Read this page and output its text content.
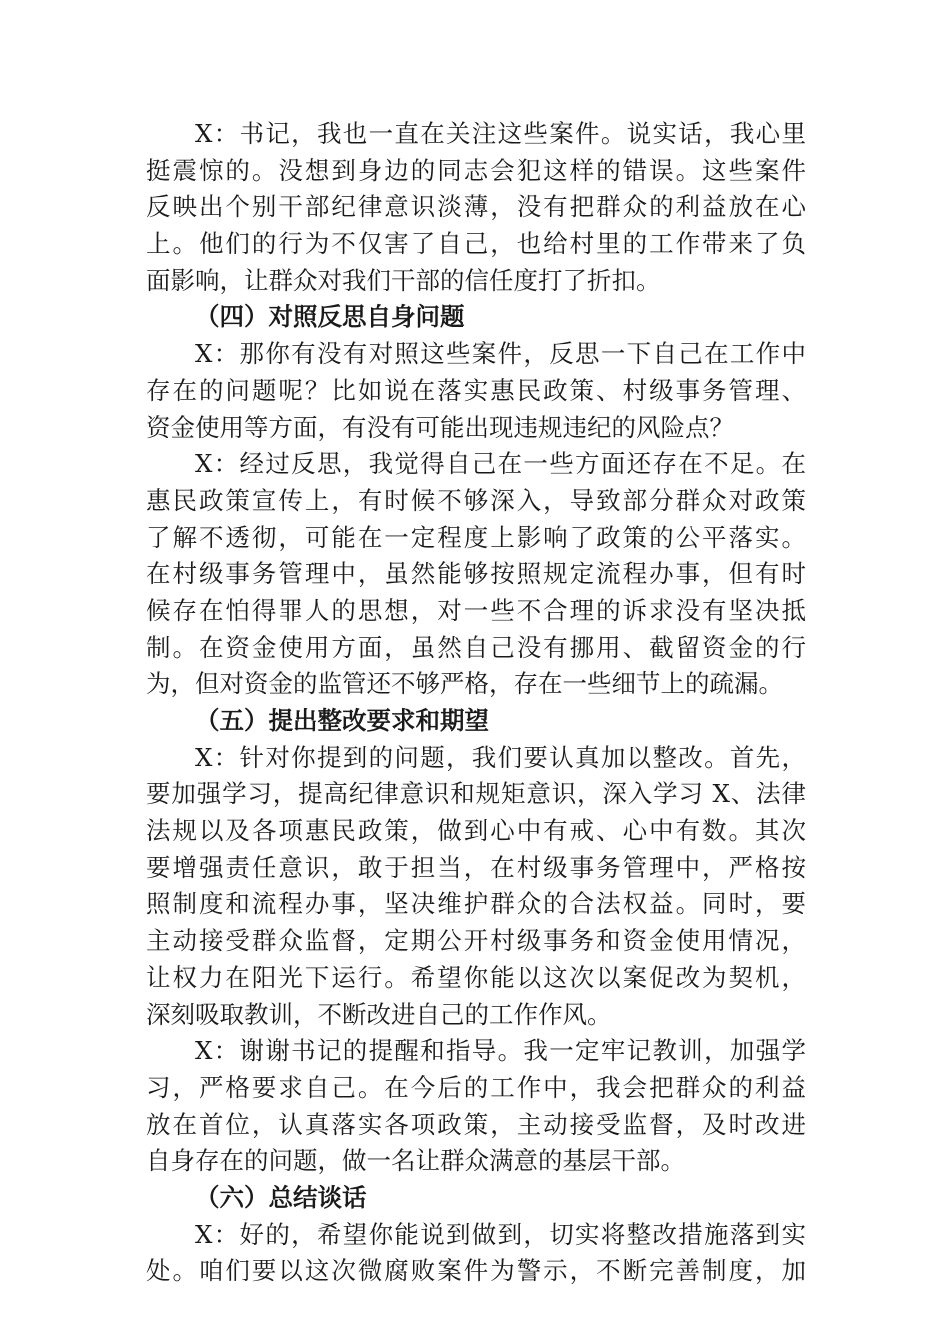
X：书记，我也一直在关注这些案件。说实话，我心里
挺震惊的。没想到身边的同志会犯这样的错误。这些案件
反映出个别干部纪律意识淡薄，没有把群众的利益放在心
上。他们的行为不仅害了自己，也给村里的工作带来了负
面影响，让群众对我们干部的信任度打了折扣。
（四）对照反思自身问题
X：那你有没有对照这些案件，反思一下自己在工作中
存在的问题呢？比如说在落实惠民政策、村级事务管理、
资金使用等方面，有没有可能出现违规违纪的风险点？
X：经过反思，我觉得自己在一些方面还存在不足。在
惠民政策宣传上，有时候不够深入，导致部分群众对政策
了解不透彻，可能在一定程度上影响了政策的公平落实。
在村级事务管理中，虽然能够按照规定流程办事，但有时
候存在怕得罪人的思想，对一些不合理的诉求没有坚决抵
制。在资金使用方面，虽然自己没有挪用、截留资金的行
为，但对资金的监管还不够严格，存在一些细节上的疏漏。
（五）提出整改要求和期望
X：针对你提到的问题，我们要认真加以整改。首先，
要加强学习，提高纪律意识和规矩意识，深入学习 X、法律
法规以及各项惠民政策，做到心中有戒、心中有数。其次
要增强责任意识，敢于担当，在村级事务管理中，严格按
照制度和流程办事，坚决维护群众的合法权益。同时，要
主动接受群众监督，定期公开村级事务和资金使用情况，
让权力在阳光下运行。希望你能以这次以案促改为契机，
深刻吸取教训，不断改进自己的工作作风。
X：谢谢书记的提醒和指导。我一定牢记教训，加强学
习，严格要求自己。在今后的工作中，我会把群众的利益
放在首位，认真落实各项政策，主动接受监督，及时改进
自身存在的问题，做一名让群众满意的基层干部。
（六）总结谈话
X：好的，希望你能说到做到，切实将整改措施落到实
处。咱们要以这次微腐败案件为警示，不断完善制度，加
